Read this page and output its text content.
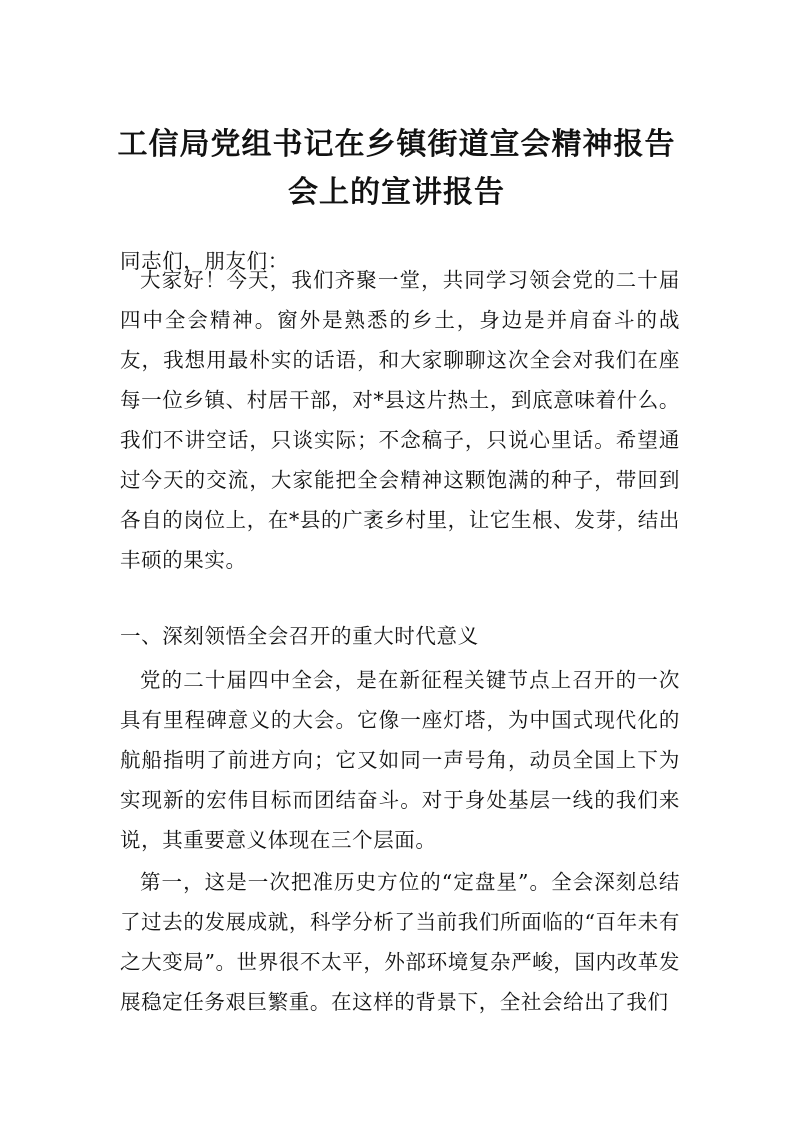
工信局党组书记在乡镇街道宣会精神报告
会上的宣讲报告

同志们，朋友们：

大家好！今天，我们齐聚一堂，共同学习领会党的二十届四中全会精神。窗外是熟悉的乡土，身边是并肩奋斗的战友，我想用最朴实的话语，和大家聊聊这次全会对我们在座每一位乡镇、村居干部，对*县这片热土，到底意味着什么。我们不讲空话，只谈实际；不念稿子，只说心里话。希望通过今天的交流，大家能把全会精神这颗饱满的种子，带回到各自的岗位上，在*县的广袤乡村里，让它生根、发芽，结出丰硕的果实。

一、深刻领悟全会召开的重大时代意义

党的二十届四中全会，是在新征程关键节点上召开的一次具有里程碑意义的大会。它像一座灯塔，为中国式现代化的航船指明了前进方向；它又如同一声号角，动员全国上下为实现新的宏伟目标而团结奋斗。对于身处基层一线的我们来说，其重要意义体现在三个层面。

第一，这是一次把准历史方位的“定盘星”。全会深刻总结了过去的发展成就，科学分析了当前我们所面临的“百年未有之大变局”。世界很不太平，外部环境复杂严峻，国内改革发展稳定任务艰巨繁重。在这样的背景下，全社会给出了我们
